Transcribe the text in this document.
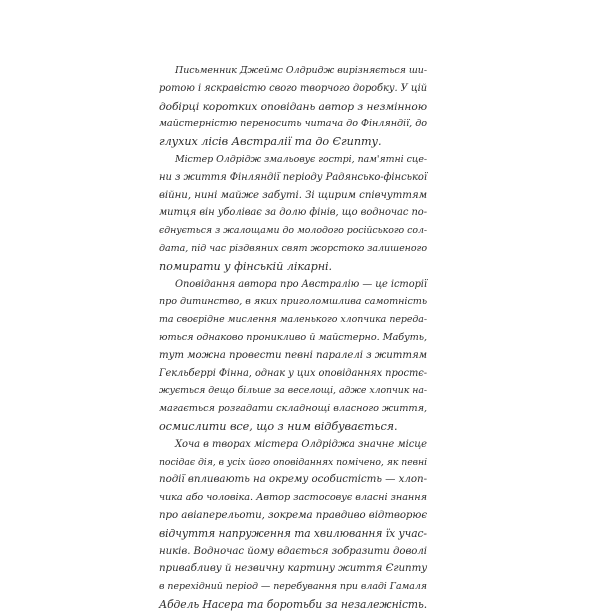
Письменник Джеймс Олдридж вирізняється ши-
ротою і яскравістю свого творчого доробку. У цій
добірці коротких оповідань автор з незмінною
майстерністю переносить читача до Фінляндії, до
глухих лісів Австралії та до Єгипту.
Містер Олдрідж змальовує гострі, пам'ятні сце-
ни з життя Фінляндії періоду Радянсько-фінської
війни, нині майже забуті. Зі щирим співчуттям
митця він уболіває за долю фінів, що водночас по-
єднується з жалощами до молодого російського сол-
дата, під час різдвяних свят жорстоко залишеного
помирати у фінській лікарні.
Оповідання автора про Австралію — це історії
про дитинство, в яких приголомшлива самотність
та своєрідне мислення маленького хлопчика переда-
ються однаково проникливо й майстерно. Мабуть,
тут можна провести певні паралелі з життям
Гекльберрі Фінна, однак у цих оповіданнях простє-
жується дещо більше за веселощі, адже хлопчик на-
магається розгадати складнощі власного життя,
осмислити все, що з ним відбувається.
Хоча в творах містера Олдріджа значне місце
посідає дія, в усіх його оповіданнях помічено, як певні
події впливають на окрему особистість — хлоп-
чика або чоловіка. Автор застосовує власні знання
про авіаперельоти, зокрема правдиво відтворює
відчуття напруження та хвилювання їх учас-
ників. Водночас йому вдається зобразити доволі
привабливу й незвичну картину життя Єгипту
в перехідний період — перебування при владі Гамаля
Абдель Насера та боротьби за незалежність.
